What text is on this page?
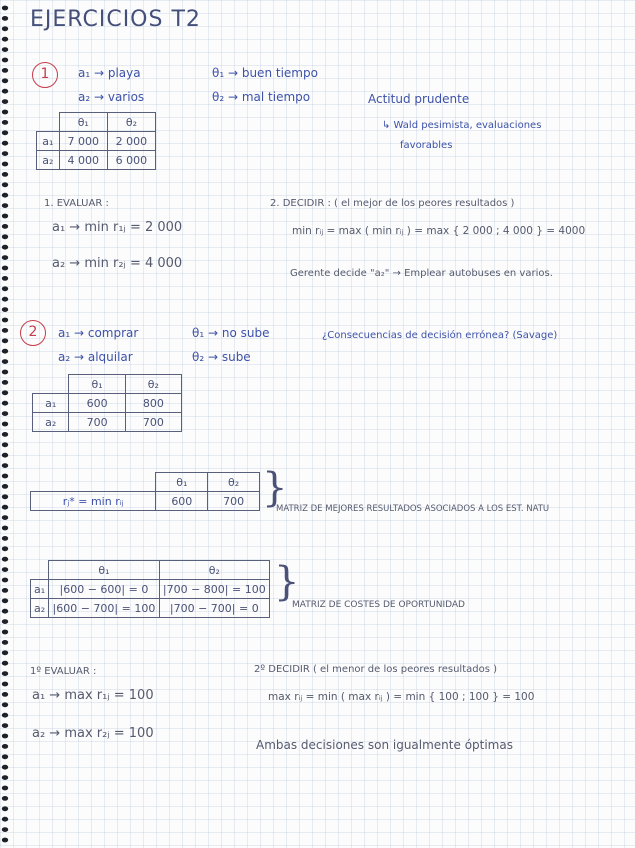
EJERCICIOS T2
1	a₁ → playa
a₂ → varios
θ₁ → buen tiempo
θ₂ → mal tiempo	Actitud prudente
↳ Wald pesimista, evaluaciones
favorables
	θ₁	θ₂
a₁	7 000	2 000
a₂	4 000	6 000
1. EVALUAR :
a₁ → min r₁ⱼ = 2 000
a₂ → min r₂ⱼ = 4 000
2. DECIDIR : ( el mejor de los peores resultados )
min rᵢⱼ = max ( min rᵢⱼ ) = max { 2 000 ; 4 000 } = 4000
Gerente decide "a₂" → Emplear autobuses en varios.
2	a₁ → comprar
a₂ → alquilar
θ₁ → no sube
θ₂ → sube
¿Consecuencias de decisión errónea? (Savage)
	θ₁	θ₂
a₁	600	800
a₂	700	700
	θ₁	θ₂
rⱼ* = min rᵢⱼ	600	700 }
MATRIZ DE MEJORES RESULTADOS ASOCIADOS A LOS EST. NATU
	θ₁	θ₂
a₁	|600 − 600| = 0	|700 − 800| = 100
a₂	|600 − 700| = 100	|700 − 700| = 0
}
MATRIZ DE COSTES DE OPORTUNIDAD
1º EVALUAR :
a₁ → max r₁ⱼ = 100
a₂ → max r₂ⱼ = 100
2º DECIDIR ( el menor de los peores resultados )
max rᵢⱼ = min ( max rᵢⱼ ) = min { 100 ; 100 } = 100
Ambas decisiones son igualmente óptimas
